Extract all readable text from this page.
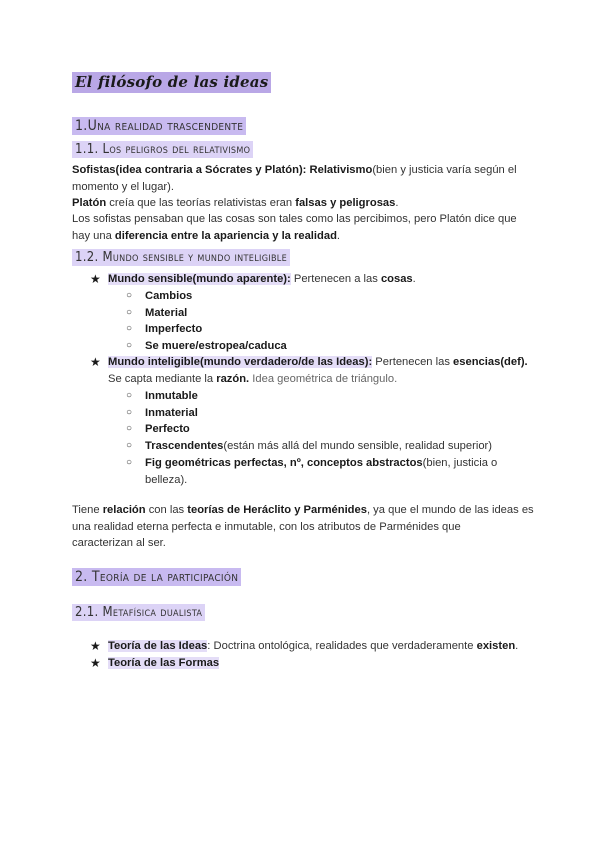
El filósofo de las ideas
1.Una realidad trascendente
1.1. Los peligros del relativismo
Sofistas(idea contraria a Sócrates y Platón): Relativismo(bien y justicia varía según el
momento y el lugar).
Platón creía que las teorías relativistas eran falsas y peligrosas.
Los sofistas pensaban que las cosas son tales como las percibimos, pero Platón dice que
hay una diferencia entre la apariencia y la realidad.
1.2. Mundo sensible y mundo inteligible
★ Mundo sensible(mundo aparente): Pertenecen a las cosas.
○ Cambios
○ Material
○ Imperfecto
○ Se muere/estropea/caduca
★ Mundo inteligible(mundo verdadero/de las Ideas): Pertenecen las esencias(def).
Se capta mediante la razón. Idea geométrica de triángulo.
○ Inmutable
○ Inmaterial
○ Perfecto
○ Trascendentes(están más allá del mundo sensible, realidad superior)
○ Fig geométricas perfectas, nº, conceptos abstractos(bien, justicia o
belleza).
Tiene relación con las teorías de Heráclito y Parménides, ya que el mundo de las ideas es
una realidad eterna perfecta e inmutable, con los atributos de Parménides que
caracterizan al ser.
2. Teoría de la participación
2.1. Metafísica dualista
★ Teoría de las Ideas: Doctrina ontológica, realidades que verdaderamente existen.
★ Teoría de las Formas
